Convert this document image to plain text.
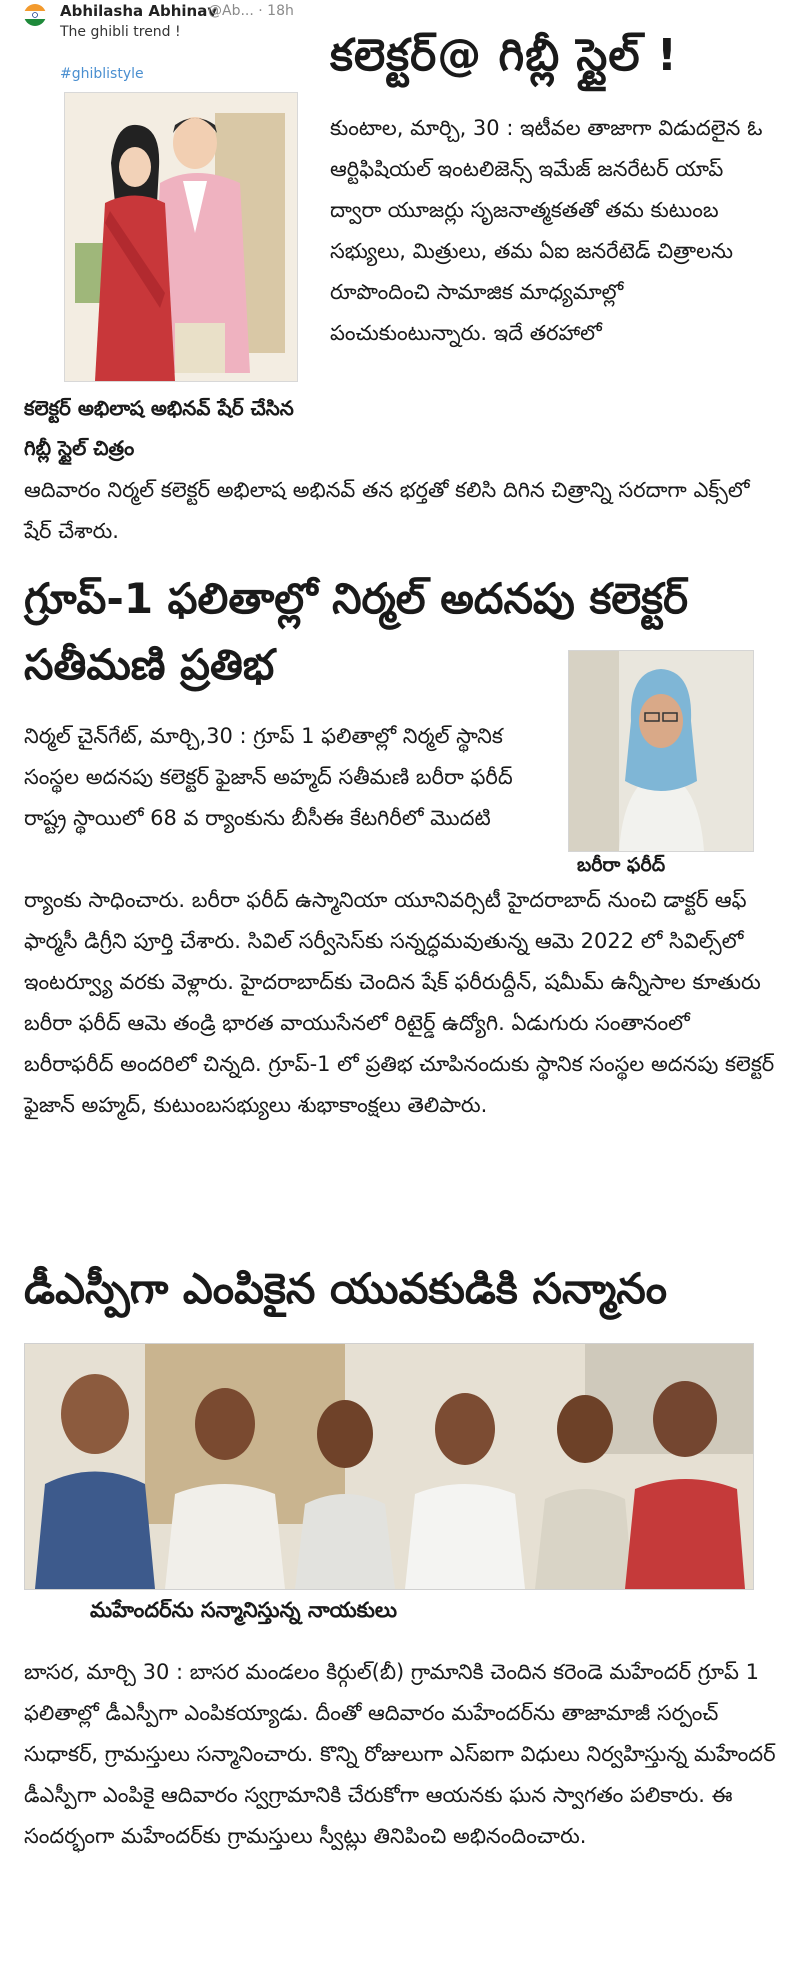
Abhilasha Abhinav
@Ab... · 18h
The ghibli trend !
#ghiblistyle	కలెక్టర్@ గిబ్లీ స్టైల్ !

కుంటాల, మార్చి, 30 : ఇటీవల తాజాగా విడుదలైన ఓ ఆర్టిఫిషియల్ ఇంటలిజెన్స్ ఇమేజ్ జనరేటర్ యాప్ ద్వారా యూజర్లు సృజనాత్మకతతో తమ కుటుంబ సభ్యులు, మిత్రులు, తమ ఏఐ జనరేటెడ్ చిత్రాలను రూపొందించి సామాజిక మాధ్యమాల్లో పంచుకుంటున్నారు. ఇదే తరహాలో

కలెక్టర్ అభిలాష అభినవ్ షేర్ చేసిన గిబ్లీ స్టైల్ చిత్రం

ఆదివారం నిర్మల్ కలెక్టర్ అభిలాష అభినవ్ తన భర్తతో కలిసి దిగిన చిత్రాన్ని సరదాగా ఎక్స్‌లో షేర్ చేశారు.

గ్రూప్-1 ఫలితాల్లో నిర్మల్ అదనపు కలెక్టర్ సతీమణి ప్రతిభ

నిర్మల్ చైన్‌గేట్, మార్చి,30 : గ్రూప్ 1 ఫలితాల్లో నిర్మల్ స్థానిక సంస్థల అదనపు కలెక్టర్ ఫైజాన్ అహ్మద్ సతీమణి బరీరా ఫరీద్ రాష్ట్ర స్థాయిలో 68 వ ర్యాంకును బీసీఈ కేటగిరీలో మొదటి

బరీరా ఫరీద్

ర్యాంకు సాధించారు. బరీరా ఫరీద్ ఉస్మానియా యూనివర్సిటీ హైదరాబాద్ నుంచి డాక్టర్ ఆఫ్ ఫార్మసీ డిగ్రీని పూర్తి చేశారు. సివిల్ సర్వీసెస్‌కు సన్నద్ధమవుతున్న ఆమె 2022 లో సివిల్స్‌లో ఇంటర్వ్యూ వరకు వెళ్లారు. హైదరాబాద్‌కు చెందిన షేక్ ఫరీరుద్దీన్, షమీమ్ ఉన్నీసాల కూతురు బరీరా ఫరీద్ ఆమె తండ్రి భారత వాయుసేనలో రిటైర్డ్ ఉద్యోగి. ఏడుగురు సంతానంలో బరీరాఫరీద్ అందరిలో చిన్నది. గ్రూప్-1 లో ప్రతిభ చూపినందుకు స్థానిక సంస్థల అదనపు కలెక్టర్ ఫైజాన్ అహ్మద్, కుటుంబసభ్యులు శుభాకాంక్షలు తెలిపారు.

డీఎస్పీగా ఎంపికైన యువకుడికి సన్మానం
మహేందర్‌ను సన్మానిస్తున్న నాయకులు

బాసర, మార్చి 30 : బాసర మండలం కిర్గుల్(బీ) గ్రామానికి చెందిన కరెండె మహేందర్ గ్రూప్ 1 ఫలితాల్లో డీఎస్పీగా ఎంపికయ్యాడు. దీంతో ఆదివారం మహేందర్‌ను తాజామాజీ సర్పంచ్ సుధాకర్, గ్రామస్తులు సన్మానించారు. కొన్ని రోజులుగా ఎస్ఐగా విధులు నిర్వహిస్తున్న మహేందర్ డీఎస్పీగా ఎంపికై ఆదివారం స్వగ్రామానికి చేరుకోగా ఆయనకు ఘన స్వాగతం పలికారు. ఈ సందర్భంగా మహేందర్‌కు గ్రామస్తులు స్వీట్లు తినిపించి అభినందించారు.
